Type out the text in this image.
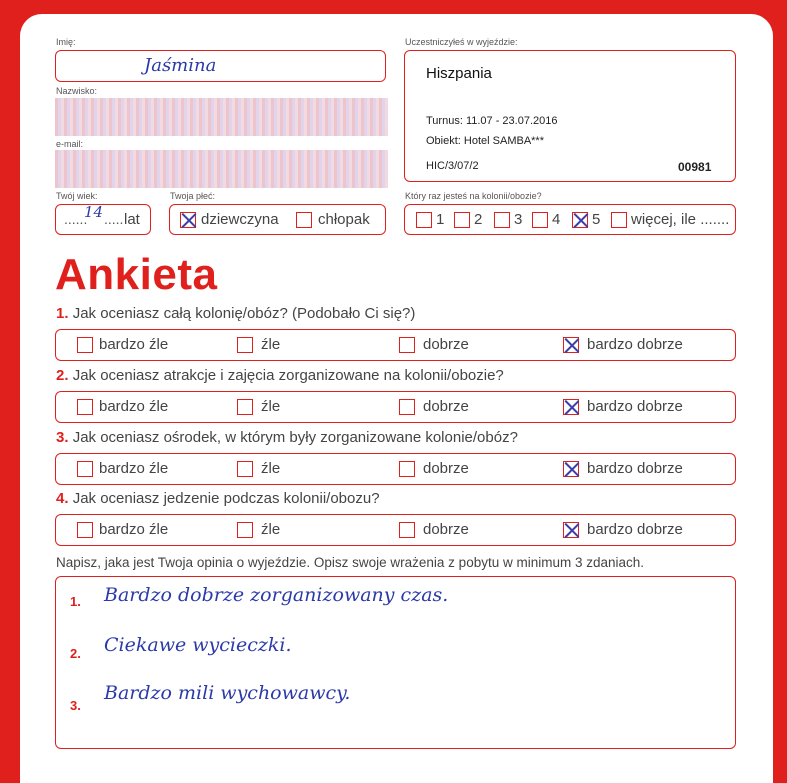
Imię:
Jaśmina
Nazwisko:
e-mail:
Twój wiek:
......
14 ..... lat
Twoja płeć:
dziewczyna	chłopak
Uczestniczyłeś w wyjeździe:
Hiszpania
Turnus: 11.07 - 23.07.2016
Obiekt: Hotel SAMBA***
HIC/3/07/2	00981
Który raz jesteś na kolonii/obozie?
1 2 3 4 5 więcej, ile .......
Ankieta
1. Jak oceniasz całą kolonię/obóz? (Podobało Ci się?)
bardzo źle	źle	dobrze	bardzo dobrze
2. Jak oceniasz atrakcje i zajęcia zorganizowane na kolonii/obozie?
bardzo źle	źle	dobrze	bardzo dobrze
3. Jak oceniasz ośrodek, w którym były zorganizowane kolonie/obóz?
bardzo źle	źle	dobrze	bardzo dobrze
4. Jak oceniasz jedzenie podczas kolonii/obozu?
bardzo źle	źle	dobrze	bardzo dobrze
Napisz, jaka jest Twoja opinia o wyjeździe. Opisz swoje wrażenia z pobytu w minimum 3 zdaniach.
1. Bardzo dobrze zorganizowany czas.
2. Ciekawe wycieczki.
3.
Bardzo mili wychowawcy.
